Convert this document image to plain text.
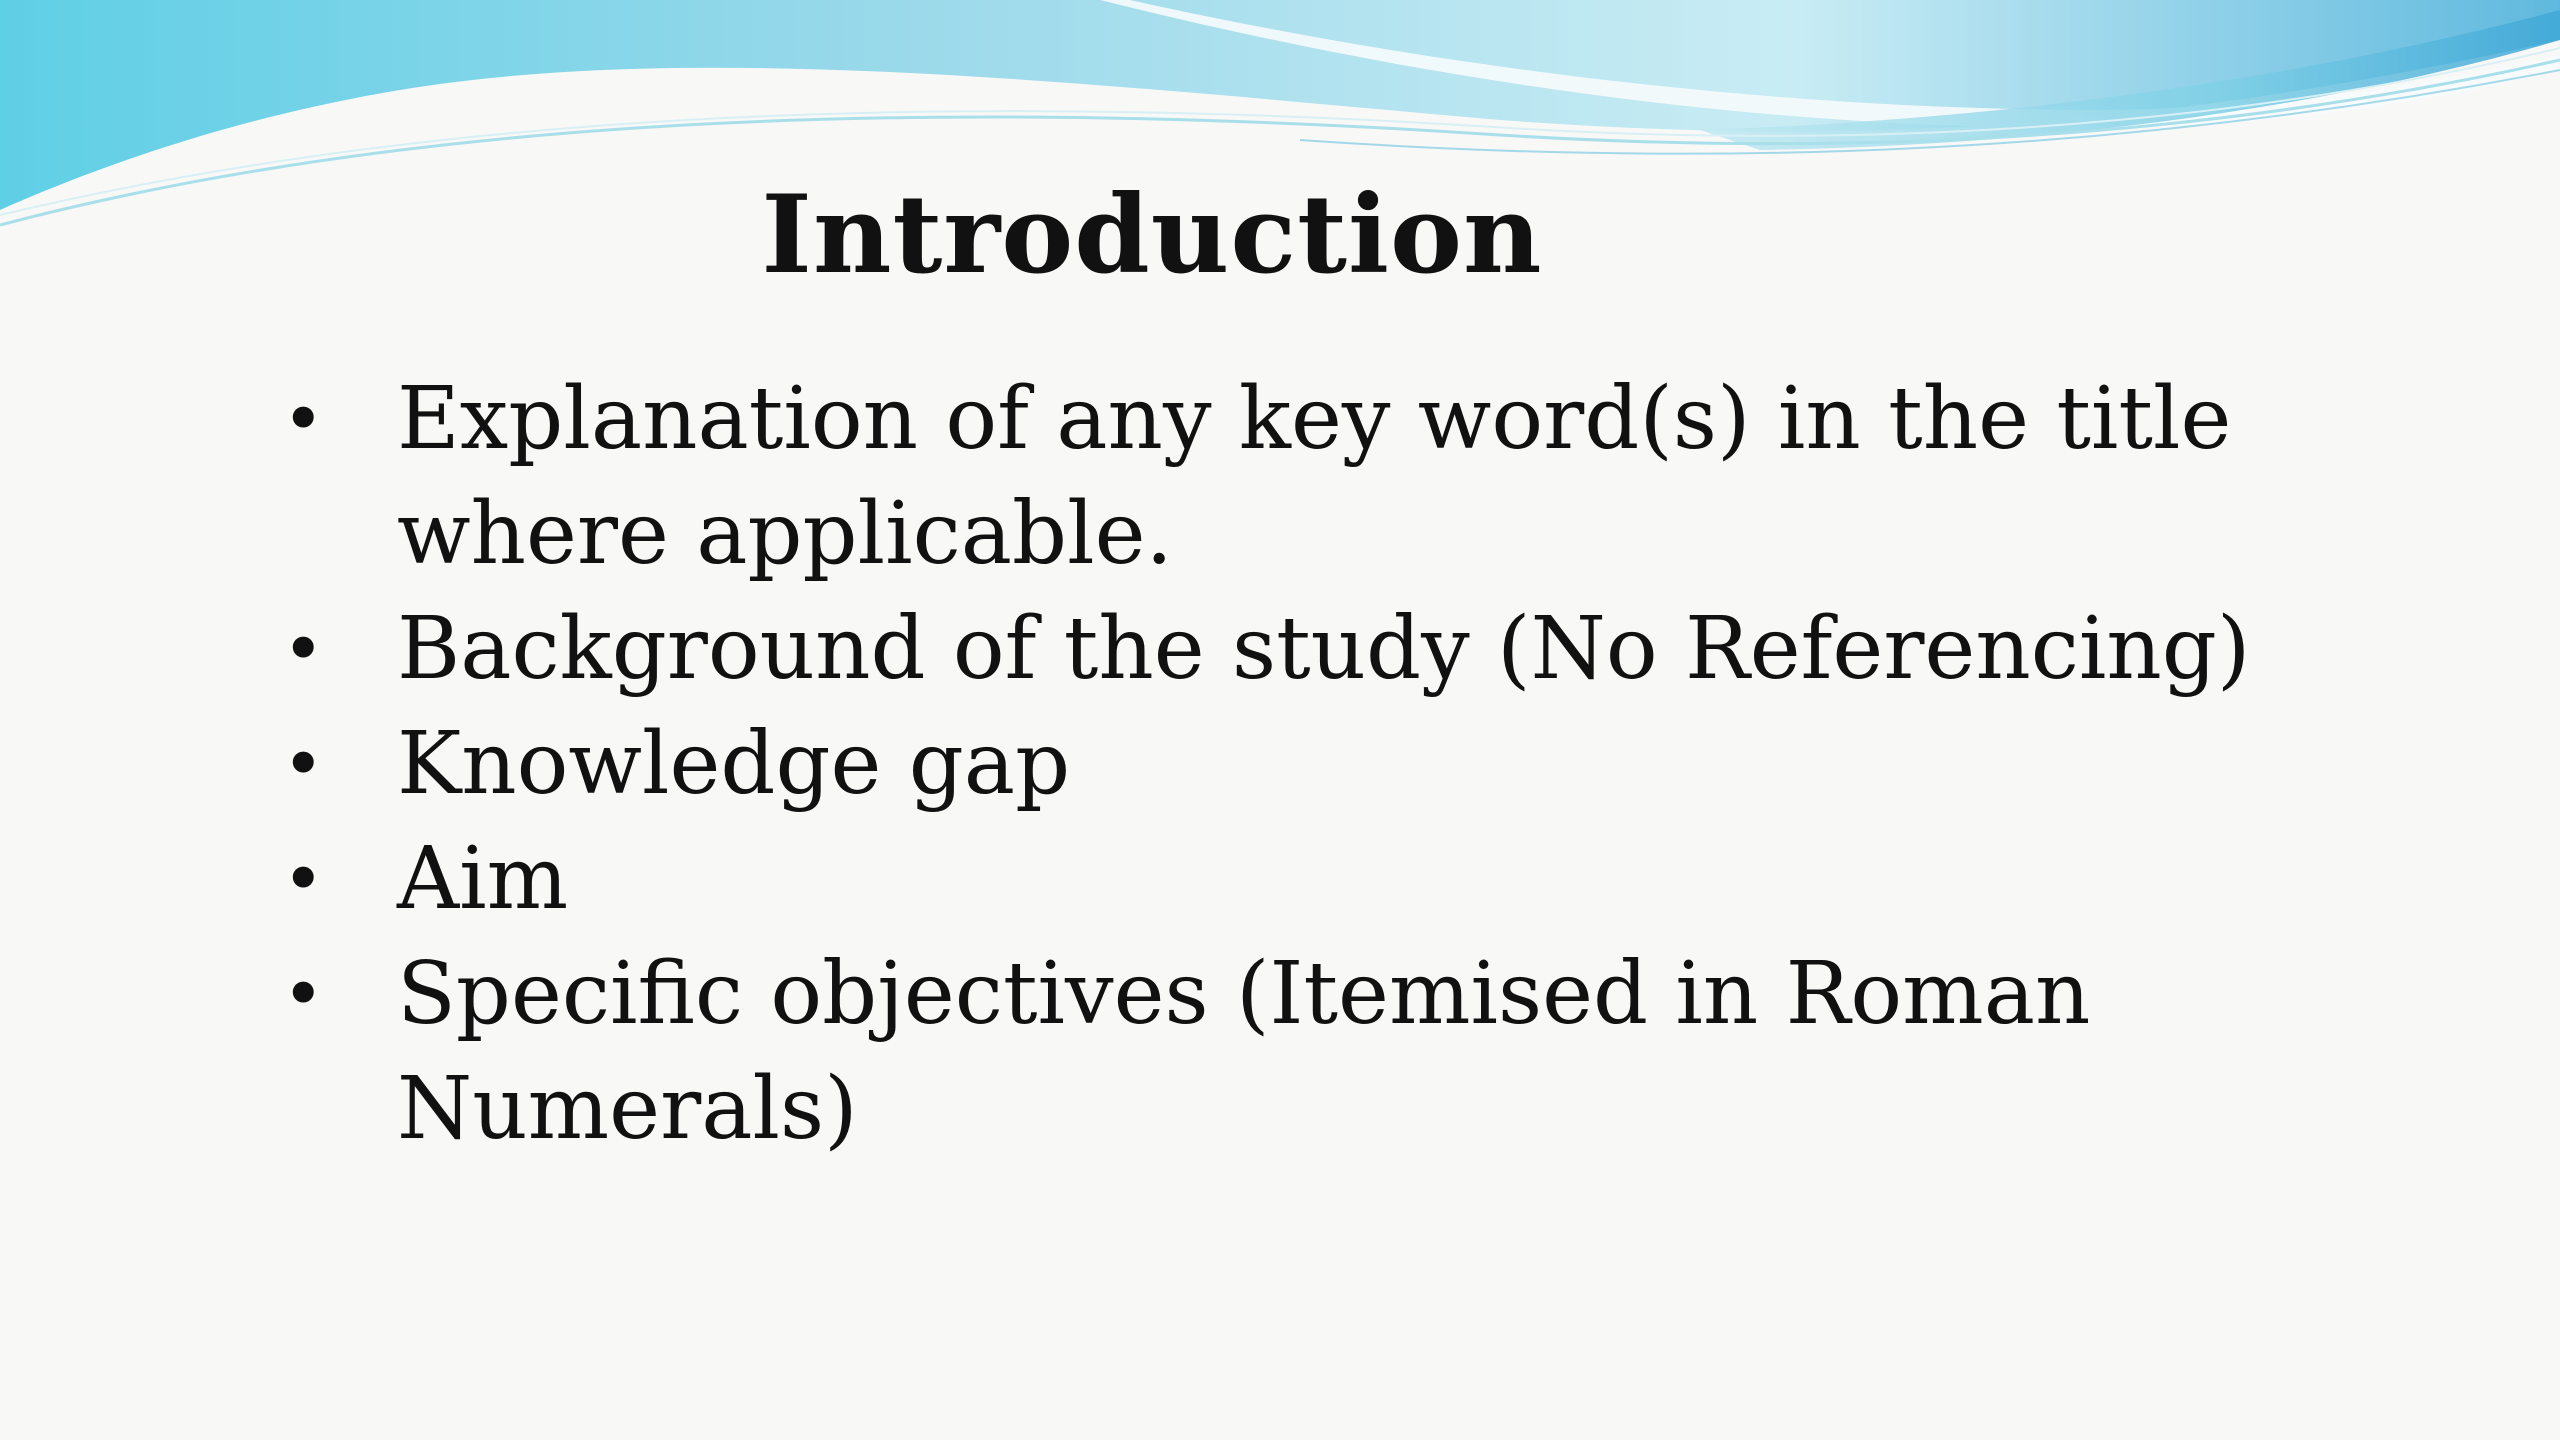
Introduction
• Explanation of any key word(s) in the title where applicable.
• Background of the study (No Referencing)
• Knowledge gap
• Aim
• Specific objectives (Itemised in Roman Numerals)
